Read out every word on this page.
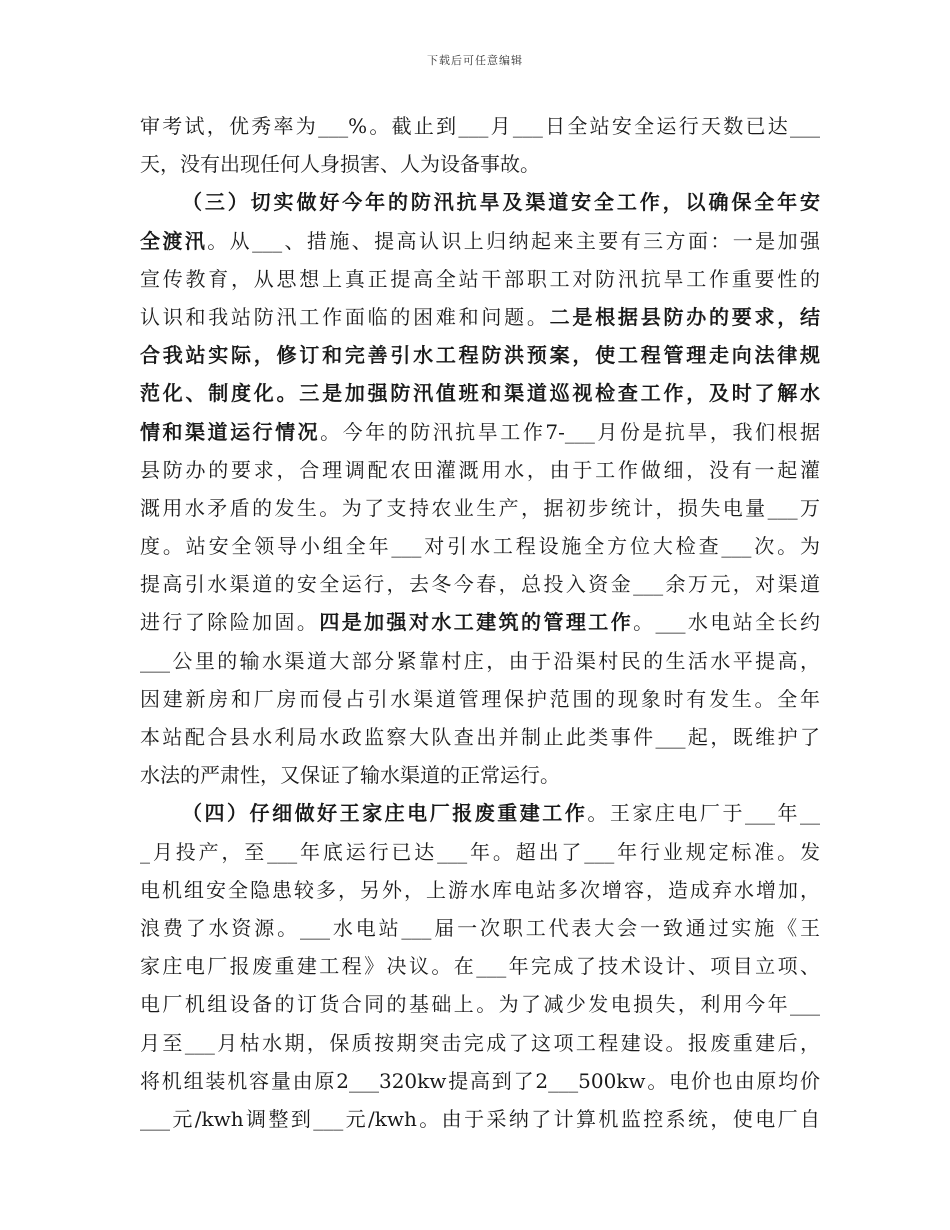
下载后可任意编辑
审考试，优秀率为___%。截止到___月___日全站安全运行天数已达___
天，没有出现任何人身损害、人为设备事故。
（三）切实做好今年的防汛抗旱及渠道安全工作，以确保全年安
全渡汛。从___、措施、提高认识上归纳起来主要有三方面：一是加强
宣传教育，从思想上真正提高全站干部职工对防汛抗旱工作重要性的
认识和我站防汛工作面临的困难和问题。二是根据县防办的要求，结
合我站实际，修订和完善引水工程防洪预案，使工程管理走向法律规
范化、制度化。三是加强防汛值班和渠道巡视检查工作，及时了解水
情和渠道运行情况。今年的防汛抗旱工作7-___月份是抗旱，我们根据
县防办的要求，合理调配农田灌溉用水，由于工作做细，没有一起灌
溉用水矛盾的发生。为了支持农业生产，据初步统计，损失电量___万
度。站安全领导小组全年___对引水工程设施全方位大检查___次。为
提高引水渠道的安全运行，去冬今春，总投入资金___余万元，对渠道
进行了除险加固。四是加强对水工建筑的管理工作。___水电站全长约
___公里的输水渠道大部分紧靠村庄，由于沿渠村民的生活水平提高，
因建新房和厂房而侵占引水渠道管理保护范围的现象时有发生。全年
本站配合县水利局水政监察大队查出并制止此类事件___起，既维护了
水法的严肃性，又保证了输水渠道的正常运行。
（四）仔细做好王家庄电厂报废重建工作。王家庄电厂于___年__
_月投产，至___年底运行已达___年。超出了___年行业规定标准。发
电机组安全隐患较多，另外，上游水库电站多次增容，造成弃水增加，
浪费了水资源。___水电站___届一次职工代表大会一致通过实施《王
家庄电厂报废重建工程》决议。在___年完成了技术设计、项目立项、
电厂机组设备的订货合同的基础上。为了减少发电损失，利用今年___
月至___月枯水期，保质按期突击完成了这项工程建设。报废重建后，
将机组装机容量由原2___320kw提高到了2___500kw。电价也由原均价
___元/kwh调整到___元/kwh。由于采纳了计算机监控系统，使电厂自
